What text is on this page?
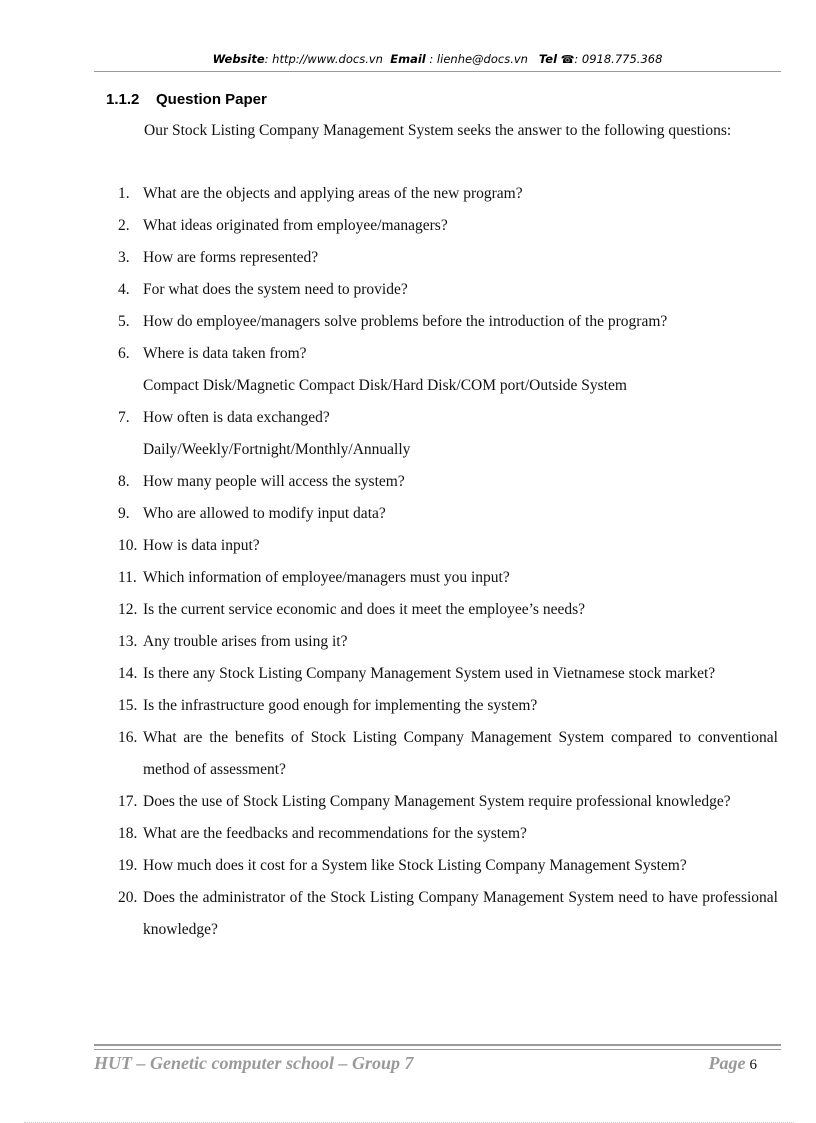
Website: http://www.docs.vn Email : lienhe@docs.vn Tel ☎: 0918.775.368
1.1.2 Question Paper

Our Stock Listing Company Management System seeks the answer to the following questions:

1. What are the objects and applying areas of the new program?
2. What ideas originated from employee/managers?
3. How are forms represented?
4. For what does the system need to provide?
5. How do employee/managers solve problems before the introduction of the program?
6. Where is data taken from?
Compact Disk/Magnetic Compact Disk/Hard Disk/COM port/Outside System
7. How often is data exchanged?
Daily/Weekly/Fortnight/Monthly/Annually
8. How many people will access the system?
9. Who are allowed to modify input data?
10. How is data input?
11. Which information of employee/managers must you input?
12. Is the current service economic and does it meet the employee’s needs?
13. Any trouble arises from using it?
14. Is there any Stock Listing Company Management System used in Vietnamese stock market?
15. Is the infrastructure good enough for implementing the system?
16. What are the benefits of Stock Listing Company Management System compared to conventional method of assessment?
17. Does the use of Stock Listing Company Management System require professional knowledge?
18. What are the feedbacks and recommendations for the system?
19. How much does it cost for a System like Stock Listing Company Management System?
20. Does the administrator of the Stock Listing Company Management System need to have professional knowledge?
HUT – Genetic computer school – Group 7	Page 6
